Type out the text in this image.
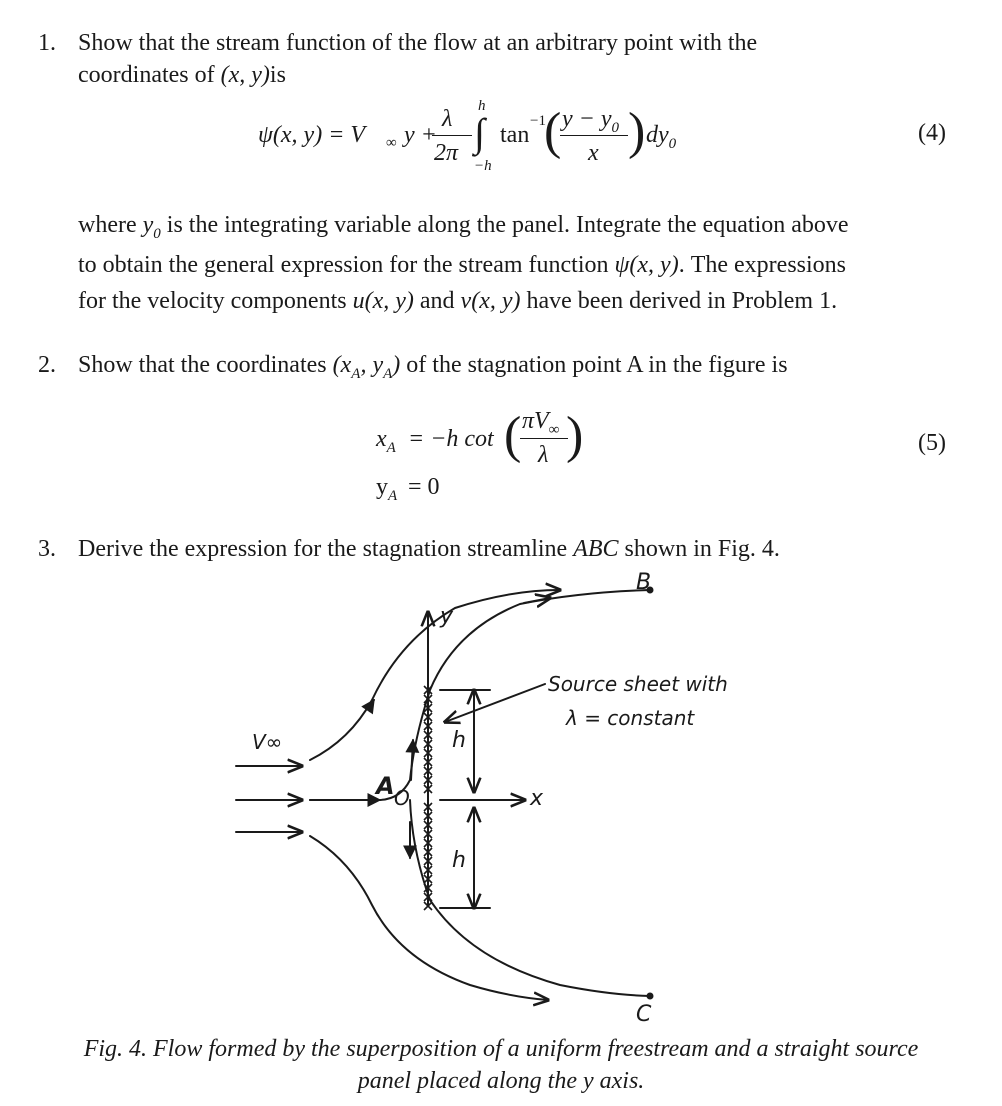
1. Show that the stream function of the flow at an arbitrary point with the
coordinates of (x, y)is
ψ(x, y) = V ∞ y +
λ
2π
h
∫
−h
tan
−1
( $y - y_0$
x ) $dy_0$	(4)
where $y_0$ is the integrating variable along the panel. Integrate the equation above
to obtain the general expression for the stream function ψ(x, y). The expressions
for the velocity components u(x, y) and v(x, y) have been derived in Problem 1.
2. Show that the coordinates ($x_A$, $y_A$) of the stagnation point A in the figure is
$x_A = -h$ cot ( $\pi V_\infty$
λ )
$y_A = 0$
(5)
3. Derive the expression for the stagnation streamline ABC shown in Fig. 4.
B
C
A O
y
x
V∞	h
h
Source sheet with
λ = constant
Fig. 4. Flow formed by the superposition of a uniform freestream and a straight source
panel placed along the y axis.
